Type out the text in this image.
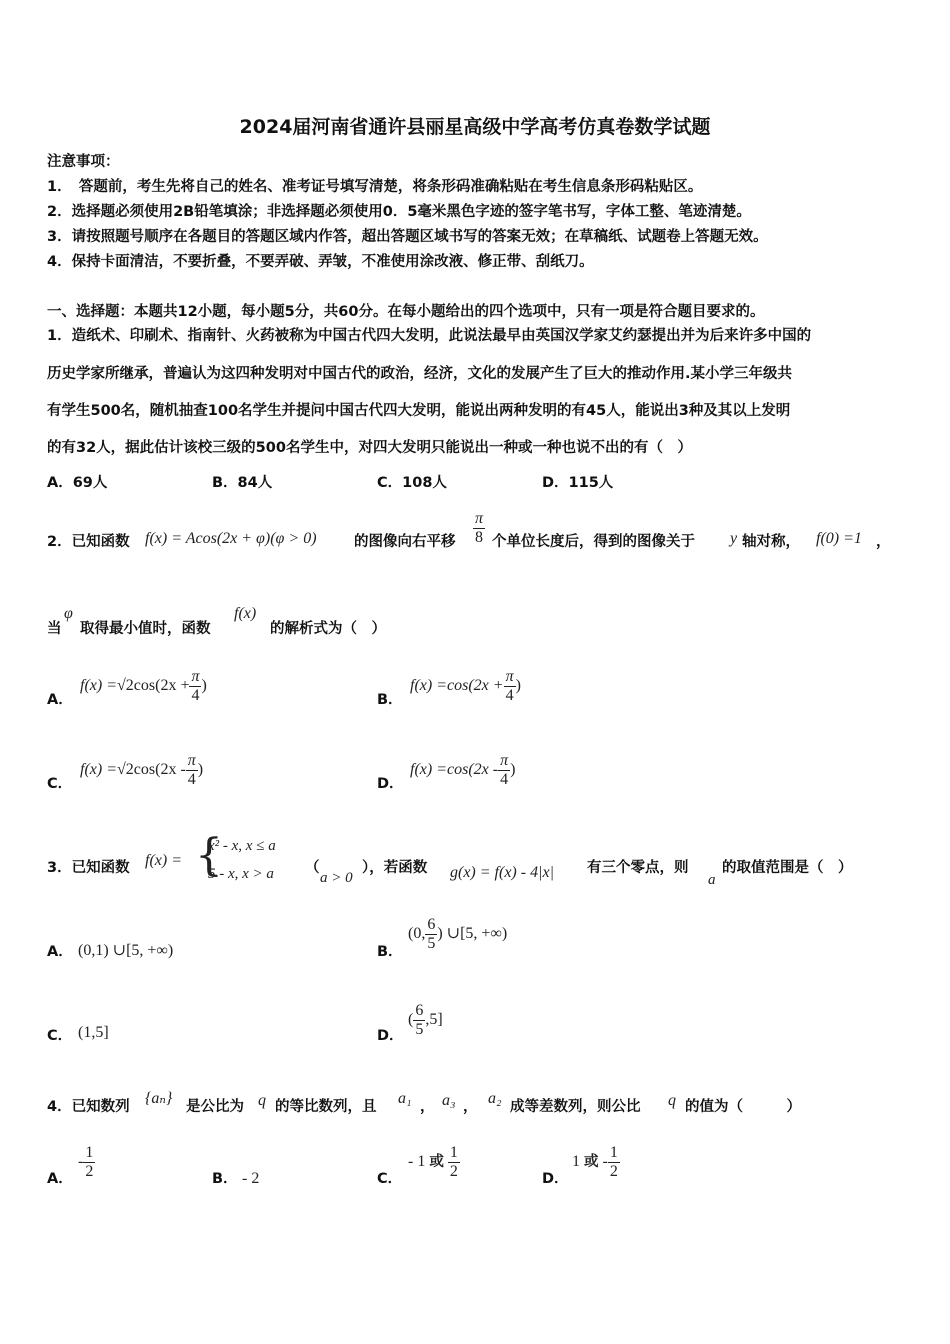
2024届河南省通许县丽星高级中学高考仿真卷数学试题
注意事项：
1．　答题前，考生先将自己的姓名、准考证号填写清楚，将条形码准确粘贴在考生信息条形码粘贴区。
2．选择题必须使用2B铅笔填涂；非选择题必须使用0．5毫米黑色字迹的签字笔书写，字体工整、笔迹清楚。
3．请按照题号顺序在各题目的答题区域内作答，超出答题区域书写的答案无效；在草稿纸、试题卷上答题无效。
4．保持卡面清洁，不要折叠，不要弄破、弄皱，不准使用涂改液、修正带、刮纸刀。
一、选择题：本题共12小题，每小题5分，共60分。在每小题给出的四个选项中，只有一项是符合题目要求的。
1．造纸术、印刷术、指南针、火药被称为中国古代四大发明，此说法最早由英国汉学家艾约瑟提出并为后来许多中国的
历史学家所继承，普遍认为这四种发明对中国古代的政治，经济，文化的发展产生了巨大的推动作用.某小学三年级共
有学生500名，随机抽查100名学生并提问中国古代四大发明，能说出两种发明的有45人，能说出3种及其以上发明
的有32人，据此估计该校三级的500名学生中，对四大发明只能说出一种或一种也说不出的有（　）
A．69人	B．84人	C．108人	D．115人
2．已知函数 f(x) = Acos(2x + φ)(φ > 0)	的图像向右平移 $\frac{\pi}{8}$ 个单位长度后，得到的图像关于 y 轴对称， f(0) =1 ，
当
φ
取得最小值时，函数
f(x)
的解析式为（　）
A．
$f(x) =√2\cos(2x + \frac{\pi}{4}$ )
B．
$f(x) =\cos(2x + \frac{\pi}{4}$ )
C．
$f(x) =√2\cos(2x - \frac{\pi}{4}$ )
D．
$f(x) =\cos(2x - \frac{\pi}{4}$ )
3．已知函数 f(x) = {
x² - x, x ≤ a
5 - x, x > a （
a > 0
），若函数 g(x) = f(x) - 4|x| 有三个零点，则
a
的取值范围是（　）
A． (0,1) ∪[5, +∞)	B．
(0, $\frac{6}{5}$ ) ∪[5, +∞)
C． (1,5]	D．
( $\frac{6}{5} ,5$]
4．已知数列 {aₙ} 是公比为 q 的等比数列，且 a₁ ， a₃ ， a₂ 成等差数列，则公比 q 的值为（　　　）
A．
- $\frac{1}{2}$	B． - 2	C．
- 1 或 $\frac{1}{2}$	D．
1 或 - $\frac{1}{2}$
